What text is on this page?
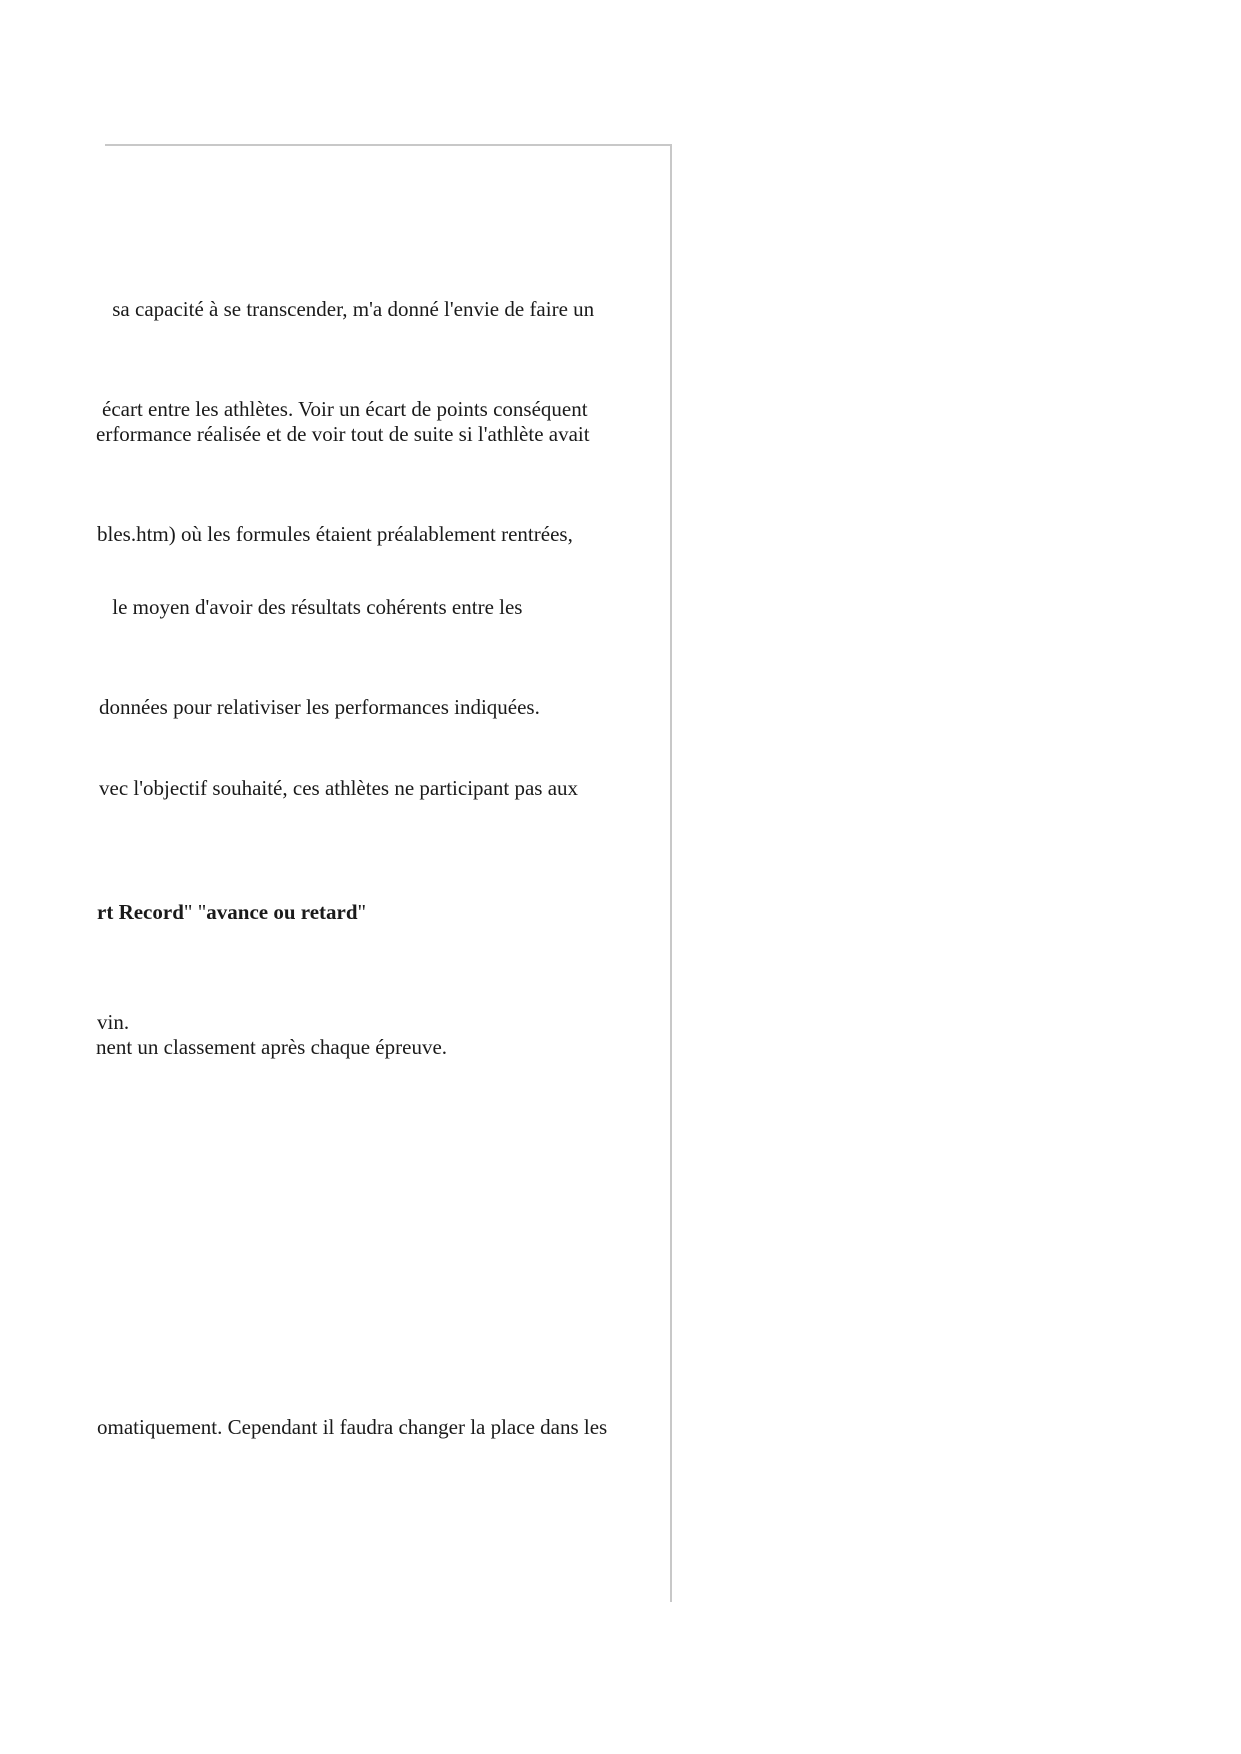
sa capacité à se transcender, m'a donné l'envie de faire un
écart entre les athlètes. Voir un écart de points conséquent
erformance réalisée et de voir tout de suite si l'athlète avait
bles.htm) où les formules étaient préalablement rentrées,
le moyen d'avoir des résultats cohérents entre les
données pour relativiser les performances indiquées.
vec l'objectif souhaité, ces athlètes ne participant pas aux
rt Record" "avance ou retard"
vin.
nent un classement après chaque épreuve.
omatiquement. Cependant il faudra changer la place dans les
